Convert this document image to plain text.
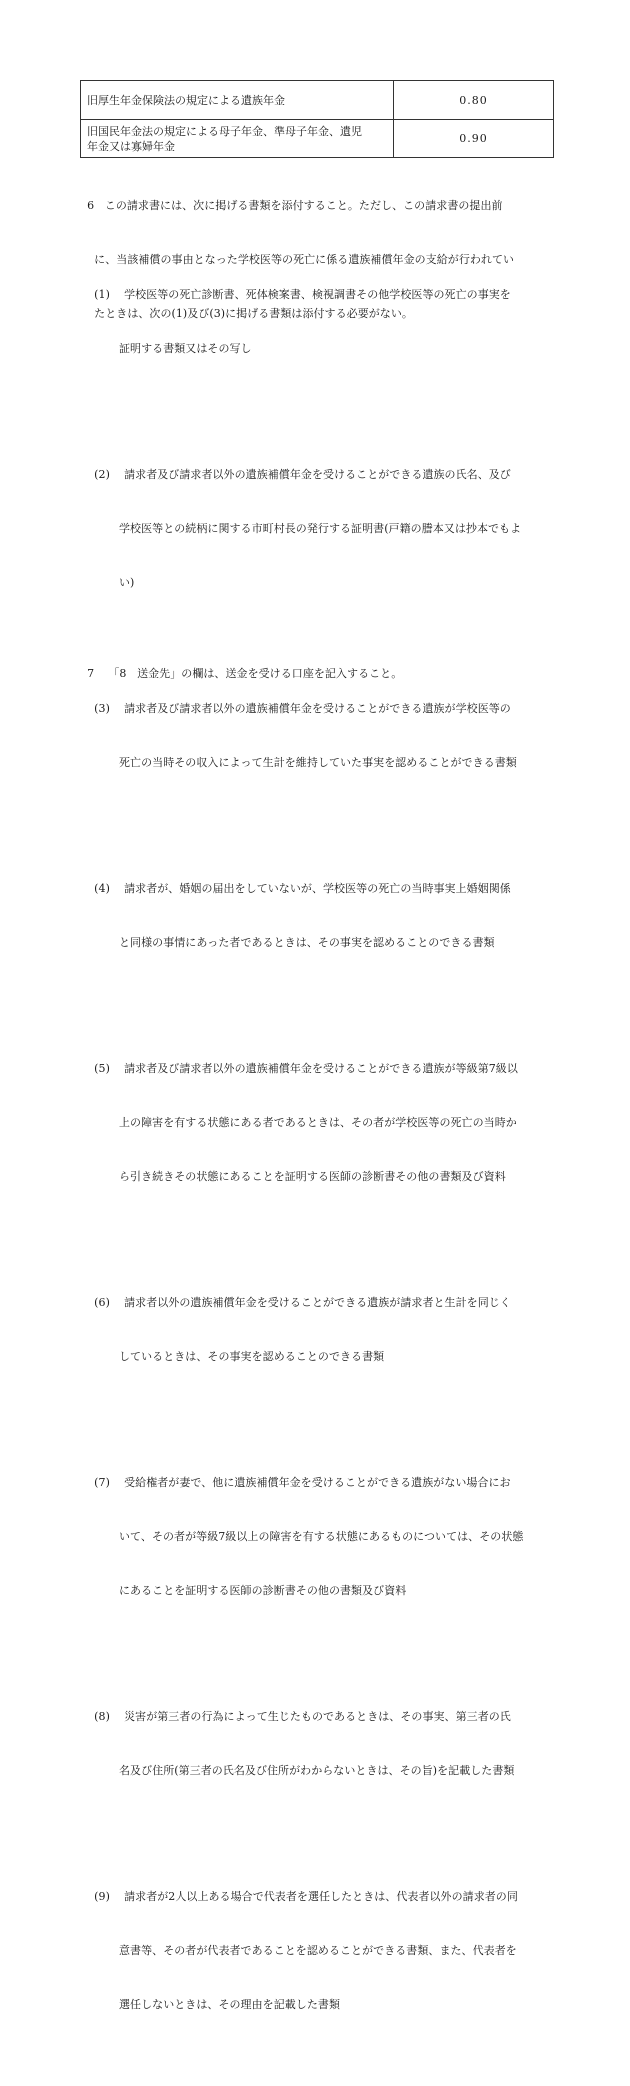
旧厚生年金保険法の規定による遺族年金	0.80

旧国民年金法の規定による母子年金、準母子年金、遺児
年金又は寡婦年金	0.90

6   この請求書には、次に掲げる書類を添付すること。ただし、この請求書の提出前

に、当該補償の事由となった学校医等の死亡に係る遺族補償年金の支給が行われてい

たときは、次の(1)及び(3)に掲げる書類は添付する必要がない。

(1)    学校医等の死亡診断書、死体検案書、検視調書その他学校医等の死亡の事実を

証明する書類又はその写し

(2)    請求者及び請求者以外の遺族補償年金を受けることができる遺族の氏名、及び

学校医等との続柄に関する市町村長の発行する証明書(戸籍の謄本又は抄本でもよ

い)

(3)    請求者及び請求者以外の遺族補償年金を受けることができる遺族が学校医等の

死亡の当時その収入によって生計を維持していた事実を認めることができる書類

(4)    請求者が、婚姻の届出をしていないが、学校医等の死亡の当時事実上婚姻関係

と同様の事情にあった者であるときは、その事実を認めることのできる書類

(5)    請求者及び請求者以外の遺族補償年金を受けることができる遺族が等級第7級以

上の障害を有する状態にある者であるときは、その者が学校医等の死亡の当時か

ら引き続きその状態にあることを証明する医師の診断書その他の書類及び資料

(6)    請求者以外の遺族補償年金を受けることができる遺族が請求者と生計を同じく

しているときは、その事実を認めることのできる書類

(7)    受給権者が妻で、他に遺族補償年金を受けることができる遺族がない場合にお

いて、その者が等級7級以上の障害を有する状態にあるものについては、その状態

にあることを証明する医師の診断書その他の書類及び資料

(8)    災害が第三者の行為によって生じたものであるときは、その事実、第三者の氏

名及び住所(第三者の氏名及び住所がわからないときは、その旨)を記載した書類

(9)    請求者が2人以上ある場合で代表者を選任したときは、代表者以外の請求者の同

意書等、その者が代表者であることを認めることができる書類、また、代表者を

選任しないときは、その理由を記載した書類

7    「8   送金先」の欄は、送金を受ける口座を記入すること。
